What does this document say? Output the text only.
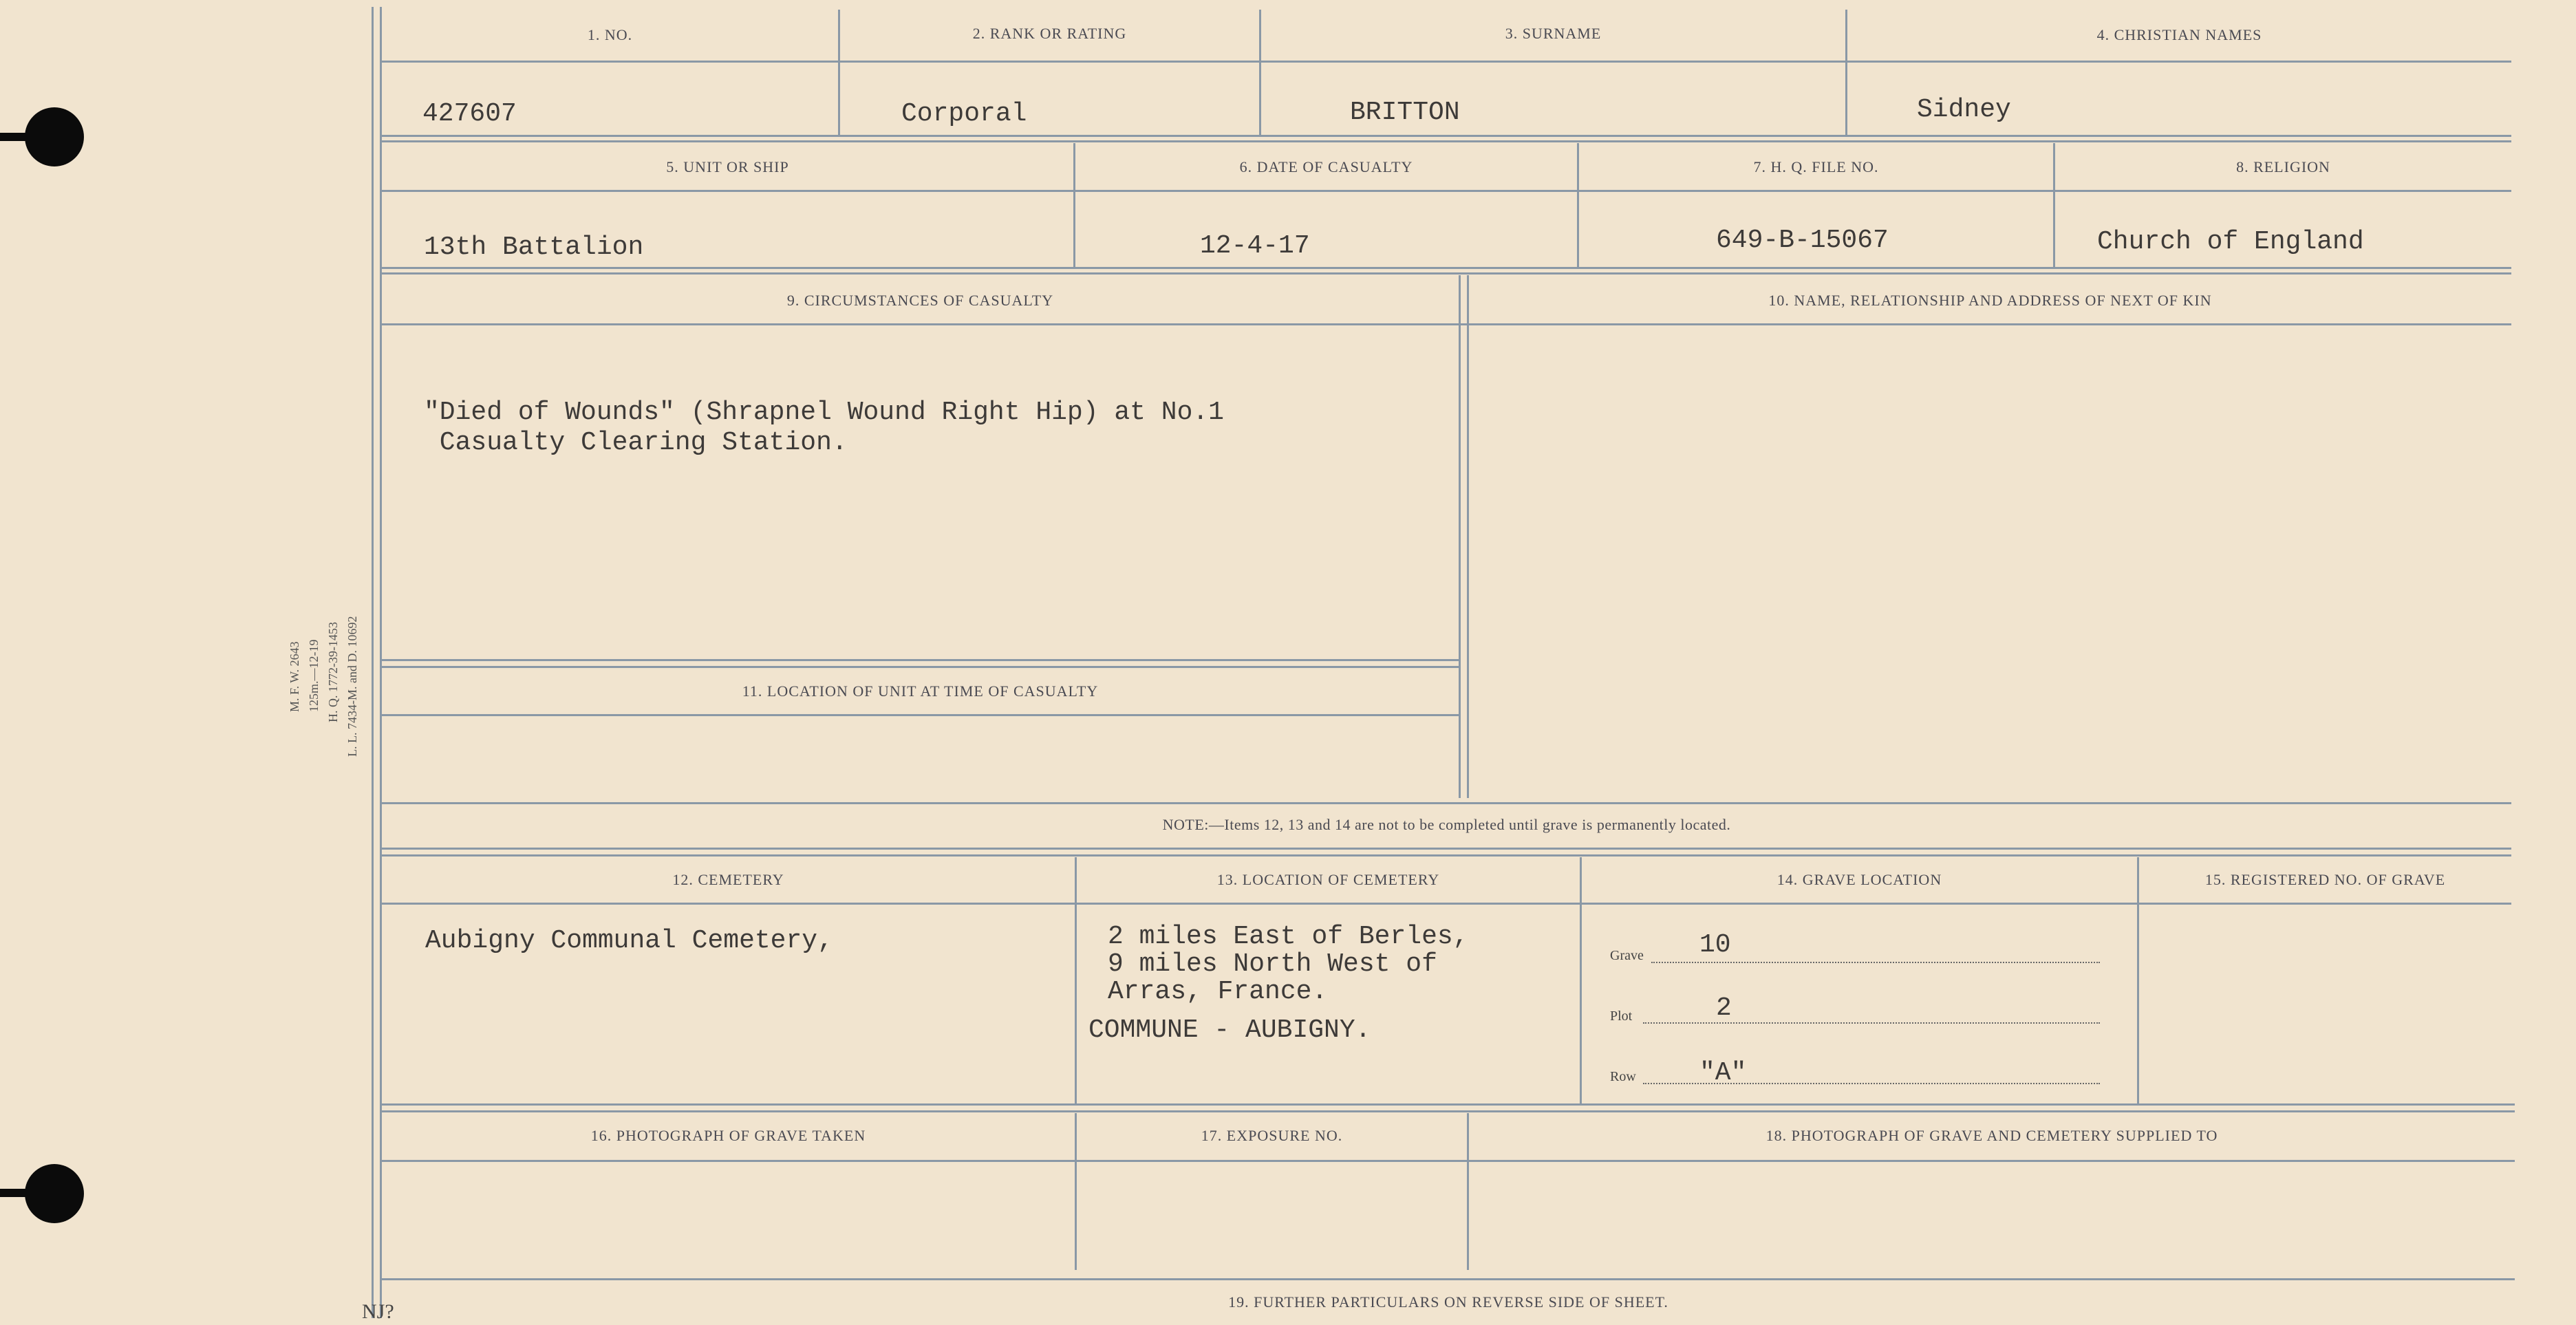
M. F. W. 2643 125m.—12-19 H. Q. 1772-39-1453 L. L. 7434-M. and D. 10692
NJ?
1. NO.	2. RANK OR RATING	3. SURNAME	4. CHRISTIAN NAMES
427607	Corporal	BRITTON	Sidney
5. UNIT OR SHIP	6. DATE OF CASUALTY	7. H. Q. FILE NO.	8. RELIGION
13th Battalion	12-4-17	649-B-15067	Church of England
9. CIRCUMSTANCES OF CASUALTY	10. NAME, RELATIONSHIP AND ADDRESS OF NEXT OF KIN
"Died of Wounds" (Shrapnel Wound Right Hip) at No.1
Casualty Clearing Station.
11. LOCATION OF UNIT AT TIME OF CASUALTY
NOTE:—Items 12, 13 and 14 are not to be completed until grave is permanently located.
12. CEMETERY	13. LOCATION OF CEMETERY	14. GRAVE LOCATION	15. REGISTERED NO. OF GRAVE
Aubigny Communal Cemetery,	2 miles East of Berles,
9 miles North West of
Arras, France.
COMMUNE - AUBIGNY.
Grave 10
Plot	2
Row "A"
16. PHOTOGRAPH OF GRAVE TAKEN	17. EXPOSURE NO.	18. PHOTOGRAPH OF GRAVE AND CEMETERY SUPPLIED TO
19. FURTHER PARTICULARS ON REVERSE SIDE OF SHEET.
